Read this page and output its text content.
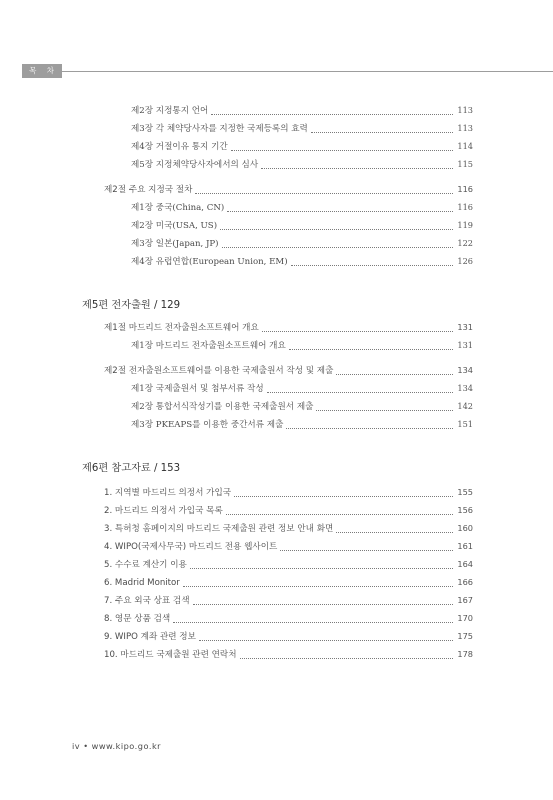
목 차
제2장 지정통지 언어	113
제3장 각 체약당사자를 지정한 국제등록의 효력	113
제4장 거절이유 통지 기간	114
제5장 지정체약당사자에서의 심사	115
제2절 주요 지정국 절차	116
제1장 중국(China, CN)	116
제2장 미국(USA, US)	119
제3장 일본(Japan, JP)	122
제4장 유럽연합(European Union, EM)	126
제5편 전자출원 / 129
제1절 마드리드 전자출원소프트웨어 개요	131
제1장 마드리드 전자출원소프트웨어 개요	131
제2절 전자출원소프트웨어를 이용한 국제출원서 작성 및 제출	134
제1장 국제출원서 및 첨부서류 작성	134
제2장 통합서식작성기를 이용한 국제출원서 제출	142
제3장 PKEAPS를 이용한 중간서류 제출	151
제6편 참고자료 / 153
1. 지역별 마드리드 의정서 가입국	155
2. 마드리드 의정서 가입국 목록	156
3. 특허청 홈페이지의 마드리드 국제출원 관련 정보 안내 화면	160
4. WIPO(국제사무국) 마드리드 전용 웹사이트	161
5. 수수료 계산기 이용	164
6. Madrid Monitor	166
7. 주요 외국 상표 검색	167
8. 영문 상품 검색	170
9. WIPO 계좌 관련 정보	175
10. 마드리드 국제출원 관련 연락처	178
iv • www.kipo.go.kr
